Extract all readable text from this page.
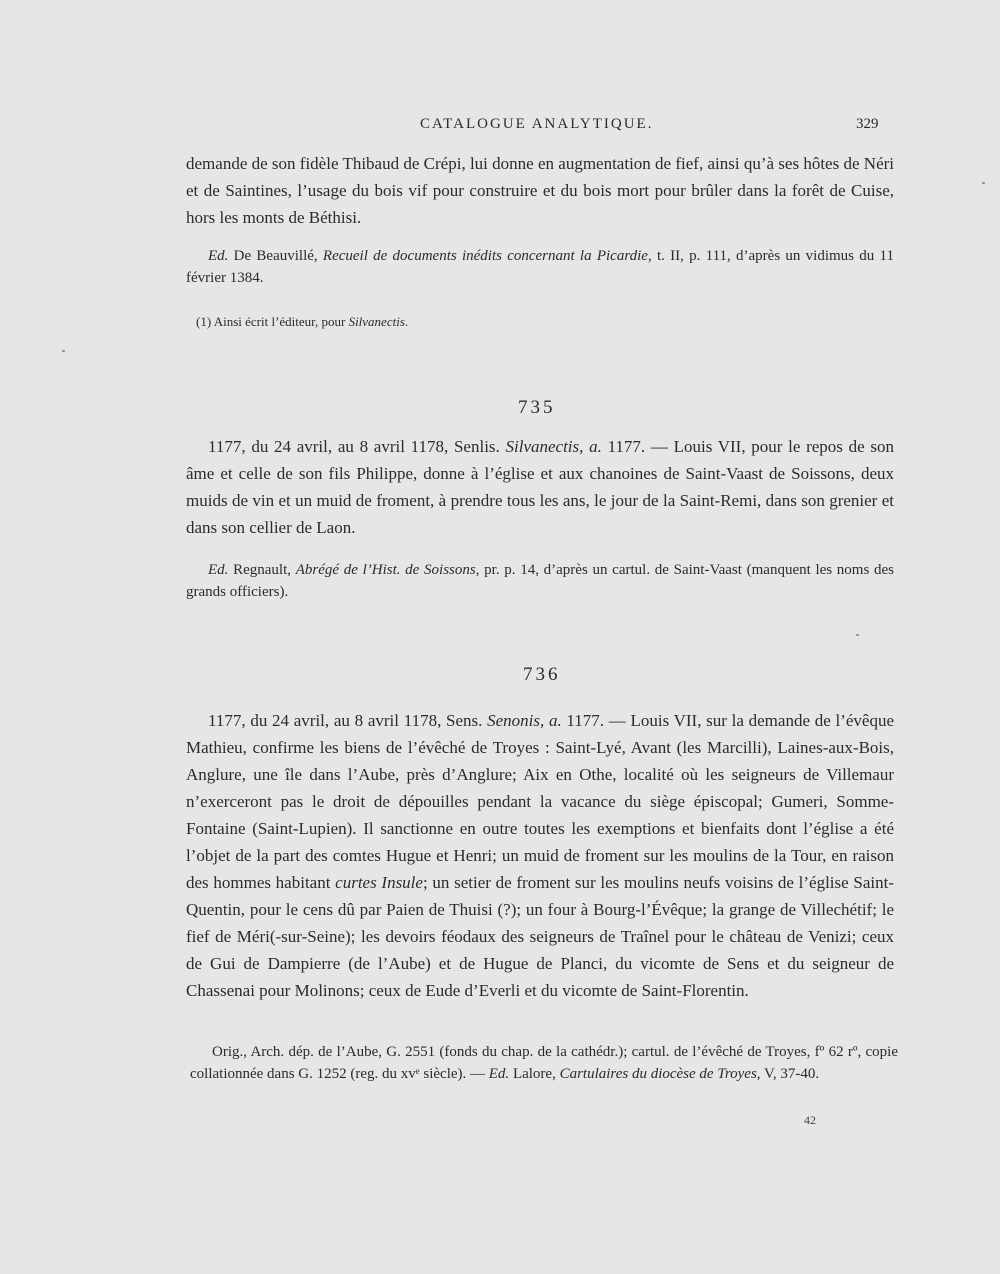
CATALOGUE ANALYTIQUE.	329

demande de son fidèle Thibaud de Crépi, lui donne en augmentation de fief, ainsi qu’à ses hôtes de Néri et de Saintines, l’usage du bois vif pour construire et du bois mort pour brûler dans la forêt de Cuise, hors les monts de Béthisi.

Ed. De Beauvillé, Recueil de documents inédits concernant la Picardie, t. II, p. 111, d’après un vidimus du 11 février 1384.

(1) Ainsi écrit l’éditeur, pour Silvanectis.

735

1177, du 24 avril, au 8 avril 1178, Senlis. Silvanectis, a. 1177. — Louis VII, pour le repos de son âme et celle de son fils Philippe, donne à l’église et aux chanoines de Saint-Vaast de Soissons, deux muids de vin et un muid de froment, à prendre tous les ans, le jour de la Saint-Remi, dans son grenier et dans son cellier de Laon.

Ed. Regnault, Abrégé de l’Hist. de Soissons, pr. p. 14, d’après un cartul. de Saint-Vaast (manquent les noms des grands officiers).

736

1177, du 24 avril, au 8 avril 1178, Sens. Senonis, a. 1177. — Louis VII, sur la demande de l’évêque Mathieu, confirme les biens de l’évêché de Troyes : Saint-Lyé, Avant (les Marcilli), Laines-aux-Bois, Anglure, une île dans l’Aube, près d’Anglure; Aix en Othe, localité où les seigneurs de Villemaur n’exerceront pas le droit de dépouilles pendant la vacance du siège épiscopal; Gumeri, Somme-Fontaine (Saint-Lupien). Il sanctionne en outre toutes les exemptions et bienfaits dont l’église a été l’objet de la part des comtes Hugue et Henri; un muid de froment sur les moulins de la Tour, en raison des hommes habitant curtes Insule; un setier de froment sur les moulins neufs voisins de l’église Saint-Quentin, pour le cens dû par Paien de Thuisi (?); un four à Bourg-l’Évêque; la grange de Villechétif; le fief de Méri(-sur-Seine); les devoirs féodaux des seigneurs de Traînel pour le château de Venizi; ceux de Gui de Dampierre (de l’Aube) et de Hugue de Planci, du vicomte de Sens et du seigneur de Chassenai pour Molinons; ceux de Eude d’Everli et du vicomte de Saint-Florentin.

Orig., Arch. dép. de l’Aube, G. 2551 (fonds du chap. de la cathédr.); cartul. de l’évêché de Troyes, fº 62 rº, copie collationnée dans G. 1252 (reg. du xvᵉ siècle). — Ed. Lalore, Cartulaires du diocèse de Troyes, V, 37-40.

42
